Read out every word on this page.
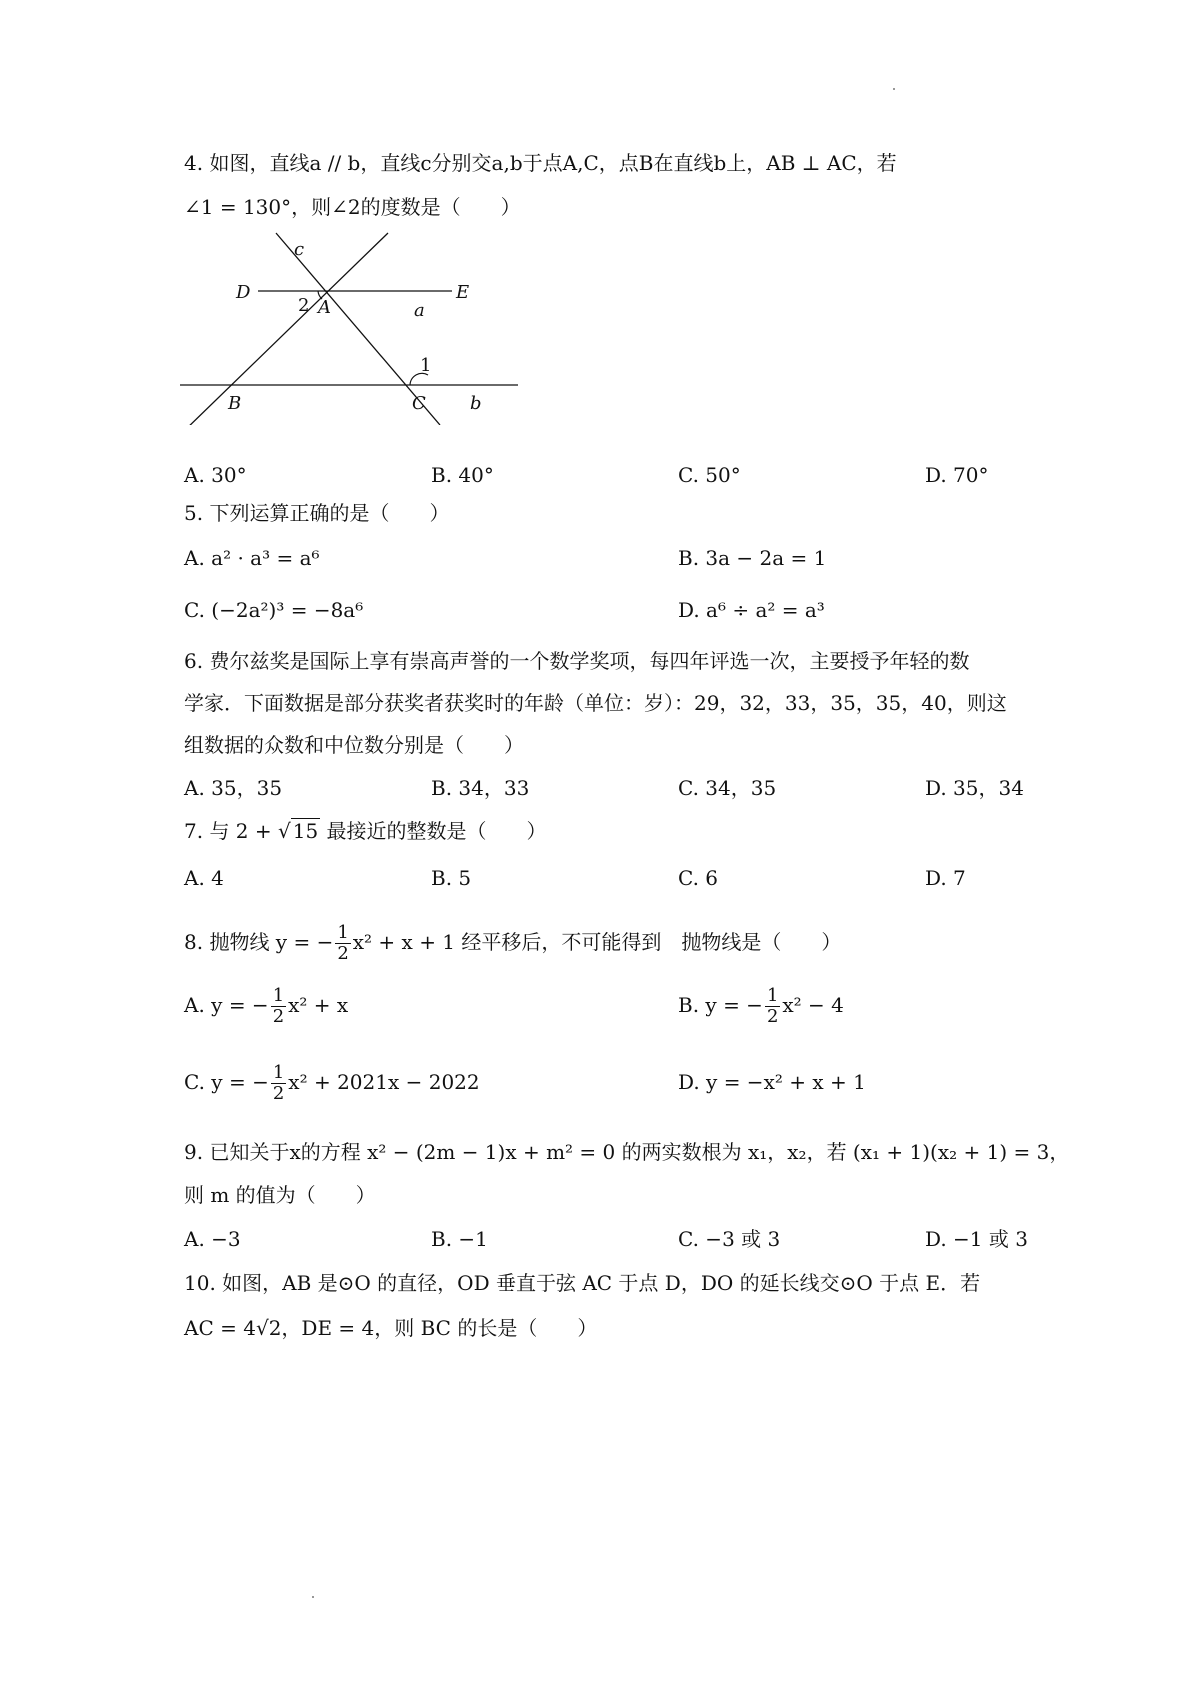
4. 如图，直线a // b，直线c分别交a,b于点A,C，点B在直线b上，AB ⊥ AC，若
∠1 = 130°，则∠2的度数是（　　）
c
D	E
2 A	a
1
B	C b
A. 30°	B. 40°	C. 50°	D. 70°
5. 下列运算正确的是（　　）
A. a² · a³ = a⁶	B. 3a − 2a = 1
C. (−2a²)³ = −8a⁶	D. a⁶ ÷ a² = a³
6. 费尔兹奖是国际上享有崇高声誉的一个数学奖项，每四年评选一次，主要授予年轻的数
学家．下面数据是部分获奖者获奖时的年龄（单位：岁）：29，32，33，35，35，40，则这
组数据的众数和中位数分别是（　　）
A. 35，35	B. 34，33	C. 34，35	D. 35，34
7. 与 2 + √ 15 最接近的整数是（　　）
A. 4	B. 5	C. 6	D. 7
8. 抛物线 y = − $\frac{1}{2} x^2 + x + 1$ 经平移后，不可能得到　抛物线是（　　）
A. y = − $\frac{1}{2} x^2 + x$	B. y = − $\frac{1}{2} x^2 - 4$
C. y = − $\frac{1}{2} x^2 + 2021x - 2022$	D. y = −x² + x + 1
9. 已知关于x的方程 x² − (2m − 1)x + m² = 0 的两实数根为 x₁，x₂，若 (x₁ + 1)(x₂ + 1) = 3，
则 m 的值为（　　）
A. −3	B. −1	C. −3 或 3	D. −1 或 3
10. 如图，AB 是⊙O 的直径，OD 垂直于弦 AC 于点 D，DO 的延长线交⊙O 于点 E．若
AC = 4√2，DE = 4，则 BC 的长是（　　）
